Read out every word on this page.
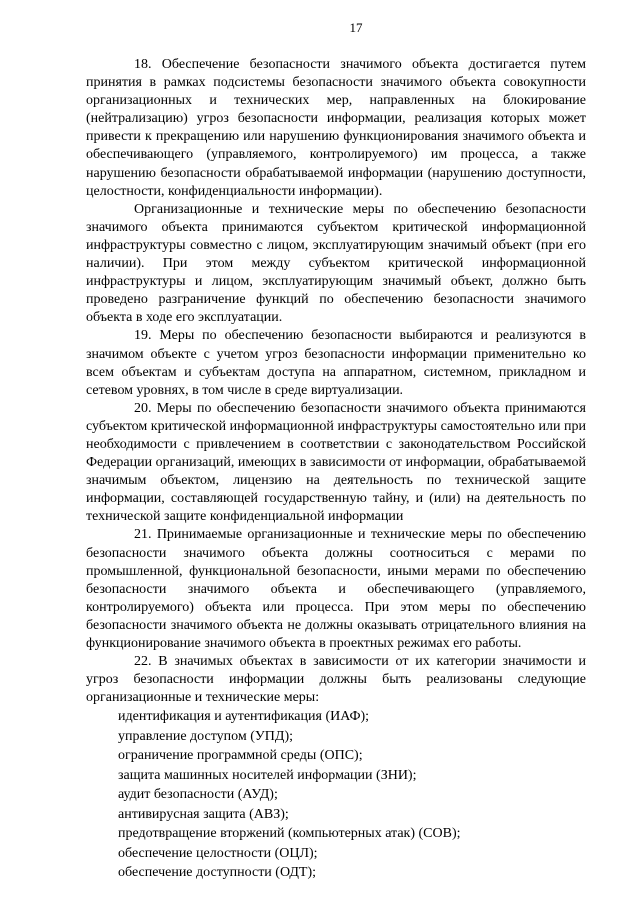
17

18. Обеспечение безопасности значимого объекта достигается путем принятия в рамках подсистемы безопасности значимого объекта совокупности организационных и технических мер, направленных на блокирование (нейтрализацию) угроз безопасности информации, реализация которых может привести к прекращению или нарушению функционирования значимого объекта и обеспечивающего (управляемого, контролируемого) им процесса, а также нарушению безопасности обрабатываемой информации (нарушению доступности, целостности, конфиденциальности информации).

Организационные и технические меры по обеспечению безопасности значимого объекта принимаются субъектом критической информационной инфраструктуры совместно с лицом, эксплуатирующим значимый объект (при его наличии). При этом между субъектом критической информационной инфраструктуры и лицом, эксплуатирующим значимый объект, должно быть проведено разграничение функций по обеспечению безопасности значимого объекта в ходе его эксплуатации.

19. Меры по обеспечению безопасности выбираются и реализуются в значимом объекте с учетом угроз безопасности информации применительно ко всем объектам и субъектам доступа на аппаратном, системном, прикладном и сетевом уровнях, в том числе в среде виртуализации.

20. Меры по обеспечению безопасности значимого объекта принимаются субъектом критической информационной инфраструктуры самостоятельно или при необходимости с привлечением в соответствии с законодательством Российской Федерации организаций, имеющих в зависимости от информации, обрабатываемой значимым объектом, лицензию на деятельность по технической защите информации, составляющей государственную тайну, и (или) на деятельность по технической защите конфиденциальной информации

21. Принимаемые организационные и технические меры по обеспечению безопасности значимого объекта должны соотноситься с мерами по промышленной, функциональной безопасности, иными мерами по обеспечению безопасности значимого объекта и обеспечивающего (управляемого, контролируемого) объекта или процесса. При этом меры по обеспечению безопасности значимого объекта не должны оказывать отрицательного влияния на функционирование значимого объекта в проектных режимах его работы.

22. В значимых объектах в зависимости от их категории значимости и угроз безопасности информации должны быть реализованы следующие организационные и технические меры:

идентификация и аутентификация (ИАФ);
управление доступом (УПД);
ограничение программной среды (ОПС);
защита машинных носителей информации (ЗНИ);
аудит безопасности (АУД);
антивирусная защита (АВЗ);
предотвращение вторжений (компьютерных атак) (СОВ);
обеспечение целостности (ОЦЛ);
обеспечение доступности (ОДТ);
